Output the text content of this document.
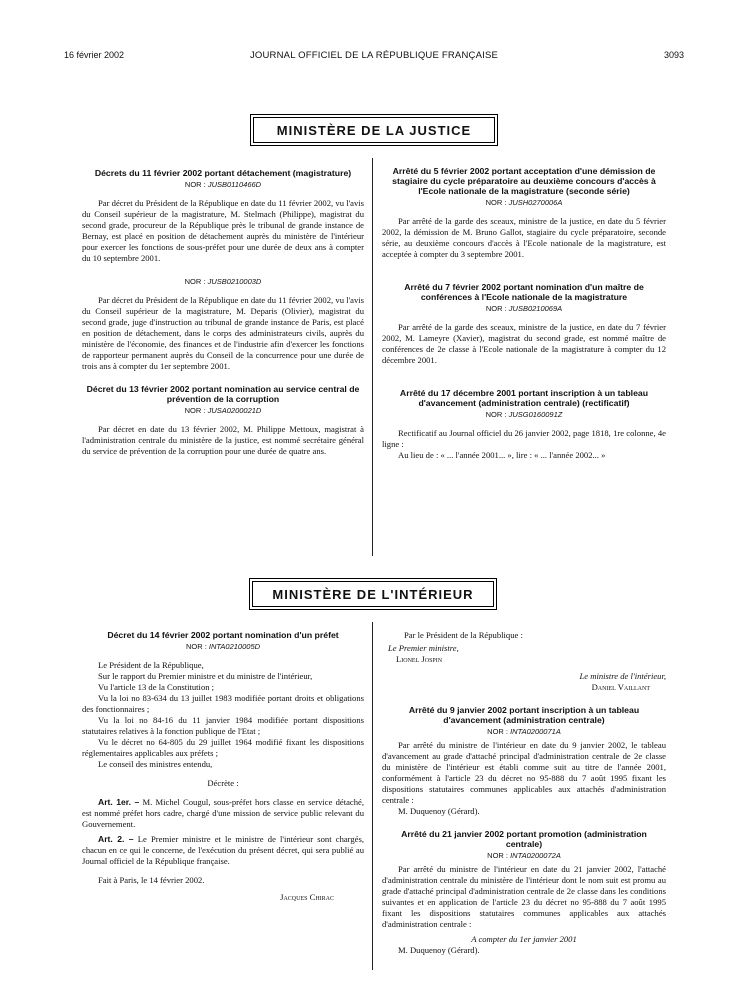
16 février 2002	JOURNAL OFFICIEL DE LA RÉPUBLIQUE FRANÇAISE	3093
MINISTÈRE DE LA JUSTICE

Décrets du 11 février 2002 portant détachement (magistrature)

NOR : JUSB0110466D

Par décret du Président de la République en date du 11 février 2002, vu l'avis du Conseil supérieur de la magistrature, M. Stelmach (Philippe), magistrat du second grade, procureur de la République près le tribunal de grande instance de Bernay, est placé en position de détachement auprès du ministère de l'intérieur pour exercer les fonctions de sous-préfet pour une durée de deux ans à compter du 10 septembre 2001.

NOR : JUSB0210003D

Par décret du Président de la République en date du 11 février 2002, vu l'avis du Conseil supérieur de la magistrature, M. Deparis (Olivier), magistrat du second grade, juge d'instruction au tribunal de grande instance de Paris, est placé en position de détachement, dans le corps des administrateurs civils, auprès du ministère de l'économie, des finances et de l'industrie afin d'exercer les fonctions de rapporteur permanent auprès du Conseil de la concurrence pour une durée de trois ans à compter du 1er septembre 2001.

Décret du 13 février 2002 portant nomination au service central de prévention de la corruption

NOR : JUSA0200021D

Par décret en date du 13 février 2002, M. Philippe Mettoux, magistrat à l'administration centrale du ministère de la justice, est nommé secrétaire général du service de prévention de la corruption pour une durée de quatre ans.

Arrêté du 5 février 2002 portant acceptation d'une démission de stagiaire du cycle préparatoire au deuxième concours d'accès à l'Ecole nationale de la magistrature (seconde série)

NOR : JUSH0270006A

Par arrêté de la garde des sceaux, ministre de la justice, en date du 5 février 2002, la démission de M. Bruno Gallot, stagiaire du cycle préparatoire, seconde série, au deuxième concours d'accès à l'Ecole nationale de la magistrature, est acceptée à compter du 3 septembre 2001.

Arrêté du 7 février 2002 portant nomination d'un maître de conférences à l'Ecole nationale de la magistrature

NOR : JUSB0210069A

Par arrêté de la garde des sceaux, ministre de la justice, en date du 7 février 2002, M. Lameyre (Xavier), magistrat du second grade, est nommé maître de conférences de 2e classe à l'Ecole nationale de la magistrature à compter du 12 décembre 2001.

Arrêté du 17 décembre 2001 portant inscription à un tableau d'avancement (administration centrale) (rectificatif)

NOR : JUSG0160091Z

Rectificatif au Journal officiel du 26 janvier 2002, page 1818, 1re colonne, 4e ligne :

Au lieu de : « ... l'année 2001... », lire : « ... l'année 2002... »

MINISTÈRE DE L'INTÉRIEUR

Décret du 14 février 2002 portant nomination d'un préfet

NOR : INTA0210005D

Le Président de la République,

Sur le rapport du Premier ministre et du ministre de l'intérieur,

Vu l'article 13 de la Constitution ;

Vu la loi no 83-634 du 13 juillet 1983 modifiée portant droits et obligations des fonctionnaires ;

Vu la loi no 84-16 du 11 janvier 1984 modifiée portant dispositions statutaires relatives à la fonction publique de l'Etat ;

Vu le décret no 64-805 du 29 juillet 1964 modifié fixant les dispositions réglementaires applicables aux préfets ;

Le conseil des ministres entendu,

Décrète :

Art. 1er. – M. Michel Cougul, sous-préfet hors classe en service détaché, est nommé préfet hors cadre, chargé d'une mission de service public relevant du Gouvernement.

Art. 2. – Le Premier ministre et le ministre de l'intérieur sont chargés, chacun en ce qui le concerne, de l'exécution du présent décret, qui sera publié au Journal officiel de la République française.

Fait à Paris, le 14 février 2002.

Jacques Chirac

Par le Président de la République :

Le Premier ministre,

Lionel Jospin

Le ministre de l'intérieur,

Daniel Vaillant

Arrêté du 9 janvier 2002 portant inscription à un tableau d'avancement (administration centrale)

NOR : INTA0200071A

Par arrêté du ministre de l'intérieur en date du 9 janvier 2002, le tableau d'avancement au grade d'attaché principal d'administration centrale de 2e classe du ministère de l'intérieur est établi comme suit au titre de l'année 2001, conformément à l'article 23 du décret no 95-888 du 7 août 1995 fixant les dispositions statutaires communes applicables aux attachés d'administration centrale :

M. Duquenoy (Gérard).

Arrêté du 21 janvier 2002 portant promotion (administration centrale)

NOR : INTA0200072A

Par arrêté du ministre de l'intérieur en date du 21 janvier 2002, l'attaché d'administration centrale du ministère de l'intérieur dont le nom suit est promu au grade d'attaché principal d'administration centrale de 2e classe dans les conditions suivantes et en application de l'article 23 du décret no 95-888 du 7 août 1995 fixant les dispositions statutaires communes applicables aux attachés d'administration centrale :

A compter du 1er janvier 2001

M. Duquenoy (Gérard).
